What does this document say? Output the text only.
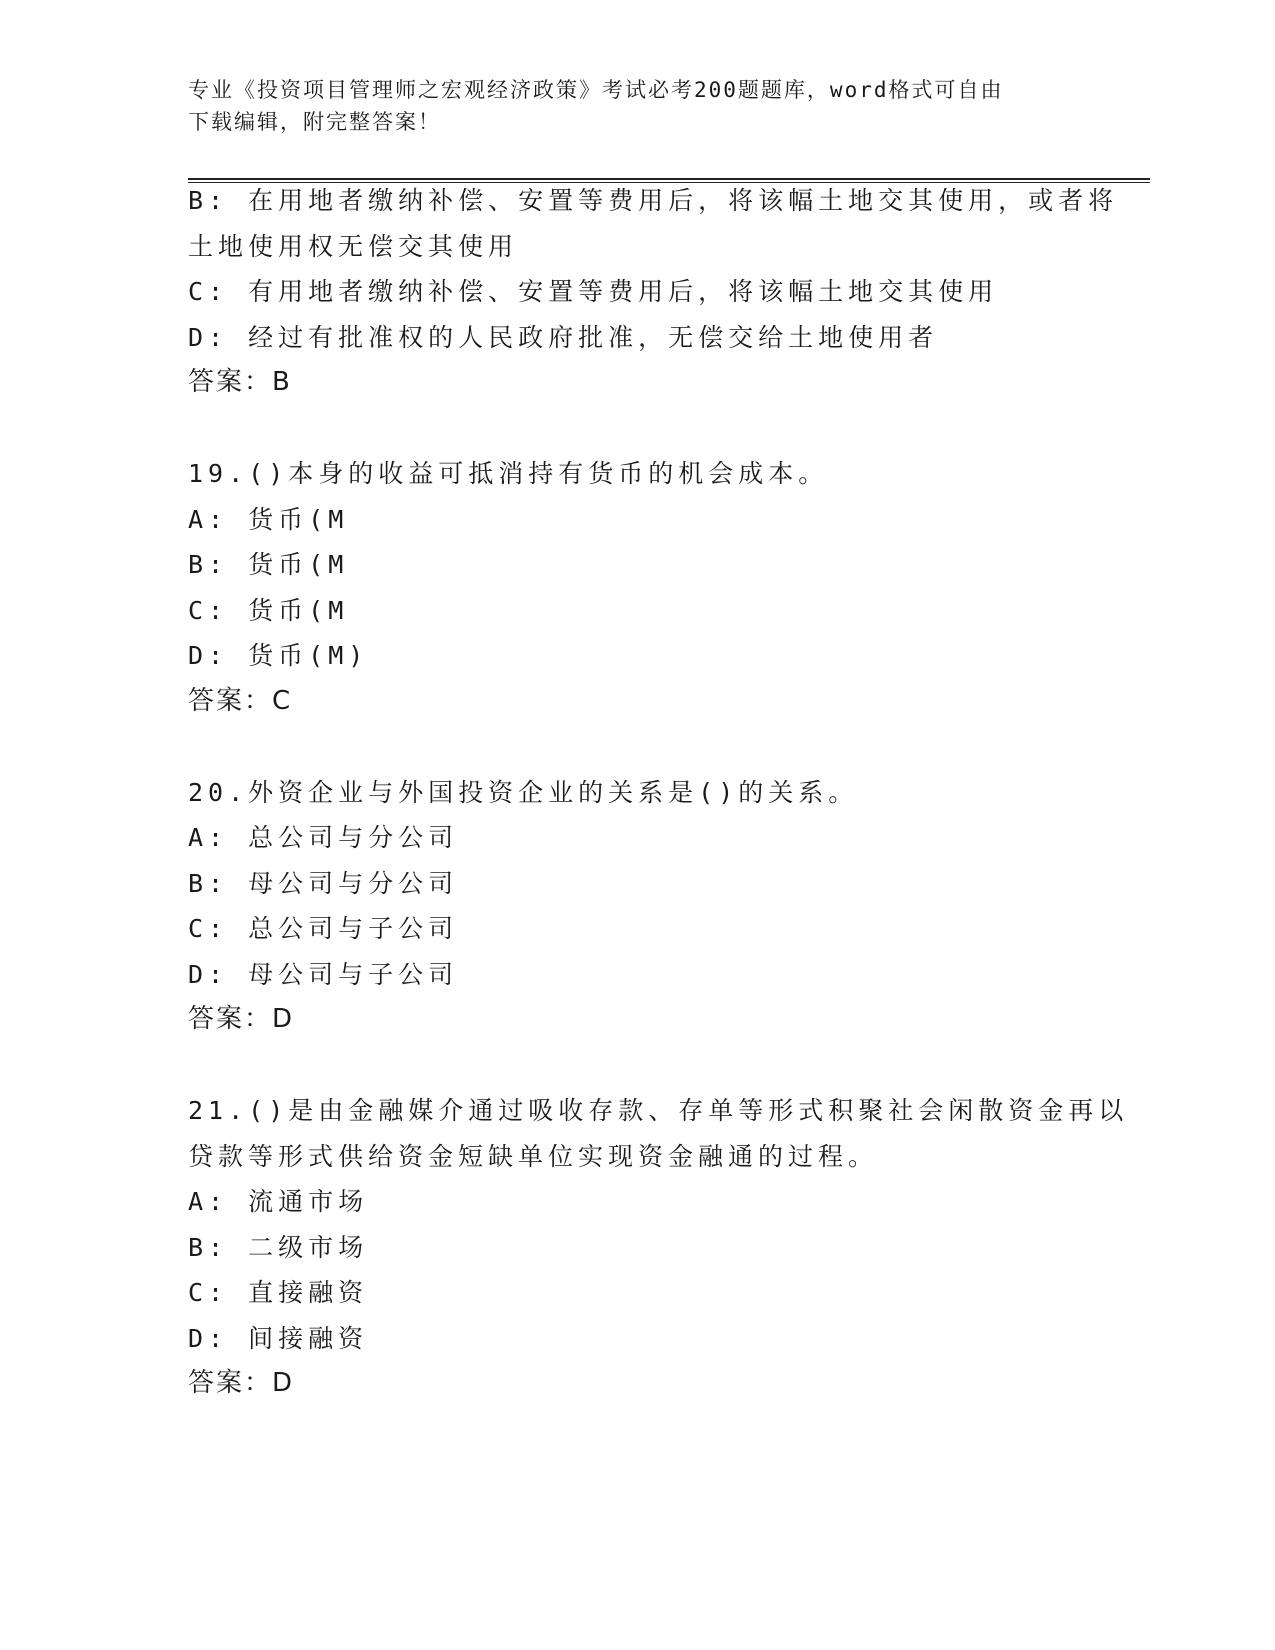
专业《投资项目管理师之宏观经济政策》考试必考200题题库，word格式可自由
下载编辑，附完整答案！
B: 在用地者缴纳补偿、安置等费用后，将该幅土地交其使用，或者将
土地使用权无偿交其使用
C: 有用地者缴纳补偿、安置等费用后，将该幅土地交其使用
D: 经过有批准权的人民政府批准，无偿交给土地使用者
答案：B
19.()本身的收益可抵消持有货币的机会成本。
A: 货币(M
B: 货币(M
C: 货币(M
D: 货币(M)
答案：C
20.外资企业与外国投资企业的关系是()的关系。
A: 总公司与分公司
B: 母公司与分公司
C: 总公司与子公司
D: 母公司与子公司
答案：D
21.()是由金融媒介通过吸收存款、存单等形式积聚社会闲散资金再以
贷款等形式供给资金短缺单位实现资金融通的过程。
A: 流通市场
B: 二级市场
C: 直接融资
D: 间接融资
答案：D
